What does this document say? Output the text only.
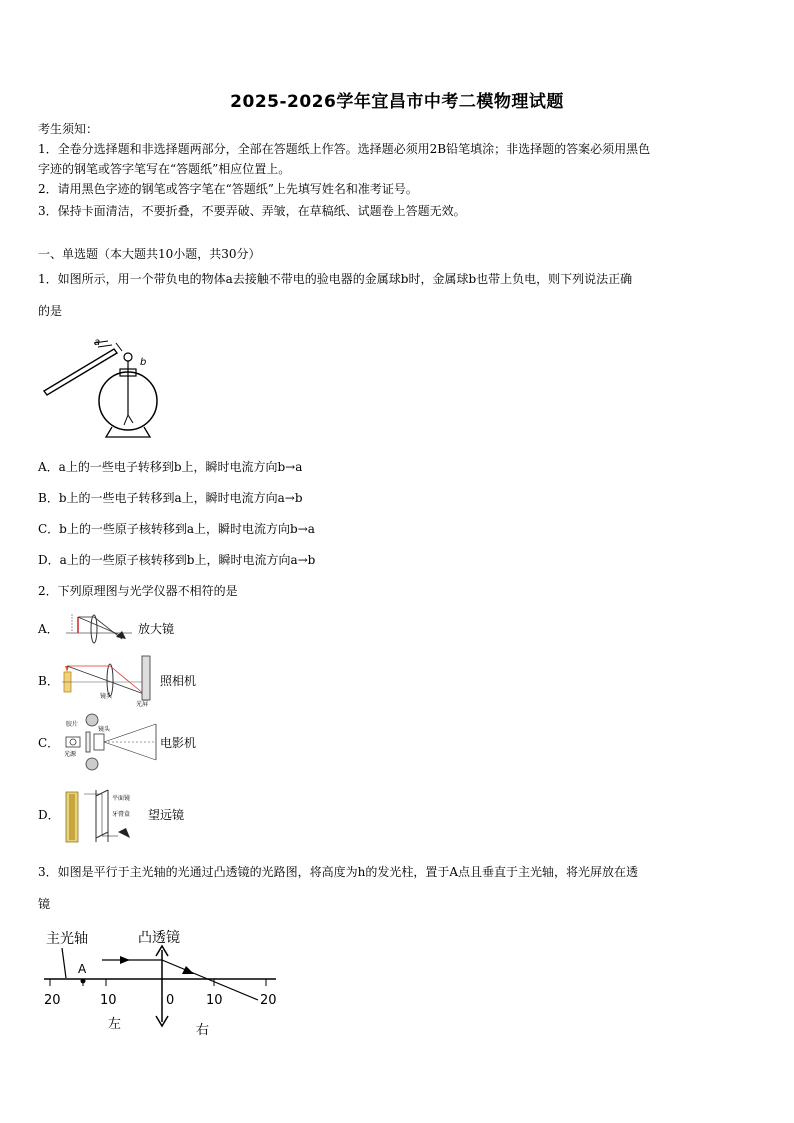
2025-2026学年宜昌市中考二模物理试题
考生须知：
1．全卷分选择题和非选择题两部分，全部在答题纸上作答。选择题必须用2B铅笔填涂；非选择题的答案必须用黑色
字迹的钢笔或答字笔写在“答题纸”相应位置上。
2．请用黑色字迹的钢笔或答字笔在“答题纸”上先填写姓名和准考证号。
3．保持卡面清洁，不要折叠，不要弄破、弄皱，在草稿纸、试题卷上答题无效。
一、单选题（本大题共10小题，共30分）
1．如图所示，用一个带负电的物体a去接触不带电的验电器的金属球b时，金属球b也带上负电，则下列说法正确
的是
a
b
A．a上的一些电子转移到b上，瞬时电流方向b→a
B．b上的一些电子转移到a上，瞬时电流方向a→b
C．b上的一些原子核转移到a上，瞬时电流方向b→a
D．a上的一些原子核转移到b上，瞬时电流方向a→b
2．下列原理图与光学仪器不相符的是
A．	放大镜
B．
镜头
光屏
照相机
C．
胶片
镜头
光源
电影机
D．
平面镜
牙膏盒 望远镜
3．如图是平行于主光轴的光通过凸透镜的光路图，将高度为h的发光柱，置于A点且垂直于主光轴，将光屏放在透
镜
主光轴	凸透镜
A
20	10	0 10	20
左	右
